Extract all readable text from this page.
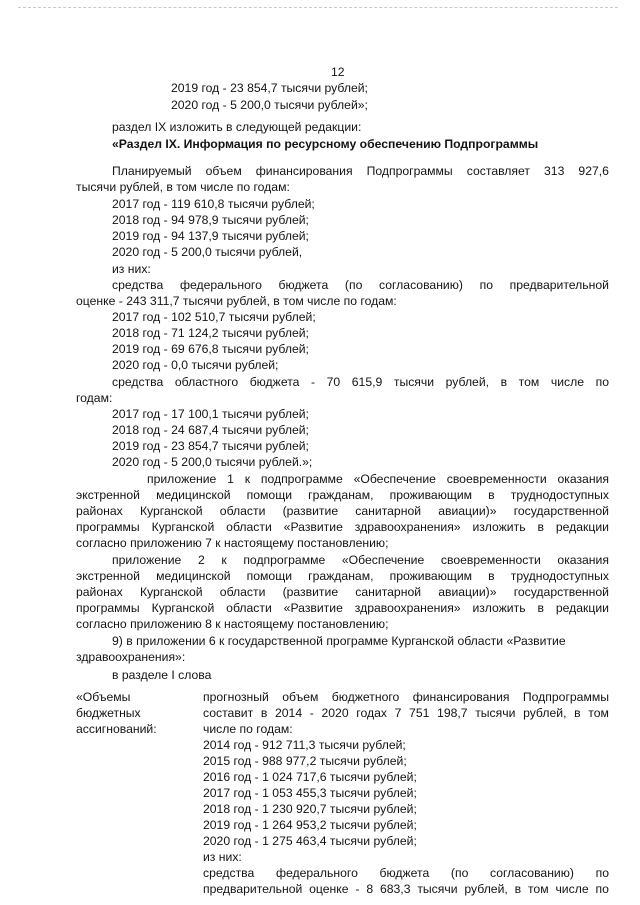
12
2019 год - 23 854,7 тысячи рублей;
2020 год - 5 200,0 тысячи рублей»;
раздел IX изложить в следующей редакции:
«Раздел IX. Информация по ресурсному обеспечению Подпрограммы
Планируемый объем финансирования Подпрограммы составляет 313 927,6
тысячи рублей, в том числе по годам:
2017 год - 119 610,8 тысячи рублей;
2018 год - 94 978,9 тысячи рублей;
2019 год - 94 137,9 тысячи рублей;
2020 год - 5 200,0 тысячи рублей,
из них:
средства федерального бюджета (по согласованию) по предварительной
оценке - 243 311,7 тысячи рублей, в том числе по годам:
2017 год - 102 510,7 тысячи рублей;
2018 год - 71 124,2 тысячи рублей;
2019 год - 69 676,8 тысячи рублей;
2020 год - 0,0 тысячи рублей;
средства областного бюджета - 70 615,9 тысячи рублей, в том числе по
годам:
2017 год - 17 100,1 тысячи рублей;
2018 год - 24 687,4 тысячи рублей;
2019 год - 23 854,7 тысячи рублей;
2020 год - 5 200,0 тысячи рублей.»;
приложение 1 к подпрограмме «Обеспечение своевременности оказания
экстренной медицинской помощи гражданам, проживающим в труднодоступных
районах Курганской области (развитие санитарной авиации)» государственной
программы Курганской области «Развитие здравоохранения» изложить в редакции
согласно приложению 7 к настоящему постановлению;
приложение 2 к подпрограмме «Обеспечение своевременности оказания
экстренной медицинской помощи гражданам, проживающим в труднодоступных
районах Курганской области (развитие санитарной авиации)» государственной
программы Курганской области «Развитие здравоохранения» изложить в редакции
согласно приложению 8 к настоящему постановлению;
9) в приложении 6 к государственной программе Курганской области «Развитие
здравоохранения»:
в разделе I слова
«Объемы
бюджетных
ассигнований:
прогнозный объем бюджетного финансирования Подпрограммы
составит в 2014 - 2020 годах 7 751 198,7 тысячи рублей, в том
числе по годам:
2014 год - 912 711,3 тысячи рублей;
2015 год - 988 977,2 тысячи рублей;
2016 год - 1 024 717,6 тысячи рублей;
2017 год - 1 053 455,3 тысячи рублей;
2018 год - 1 230 920,7 тысячи рублей;
2019 год - 1 264 953,2 тысячи рублей;
2020 год - 1 275 463,4 тысячи рублей;
из них:
средства федерального бюджета (по согласованию) по
предварительной оценке - 8 683,3 тысячи рублей, в том числе по
